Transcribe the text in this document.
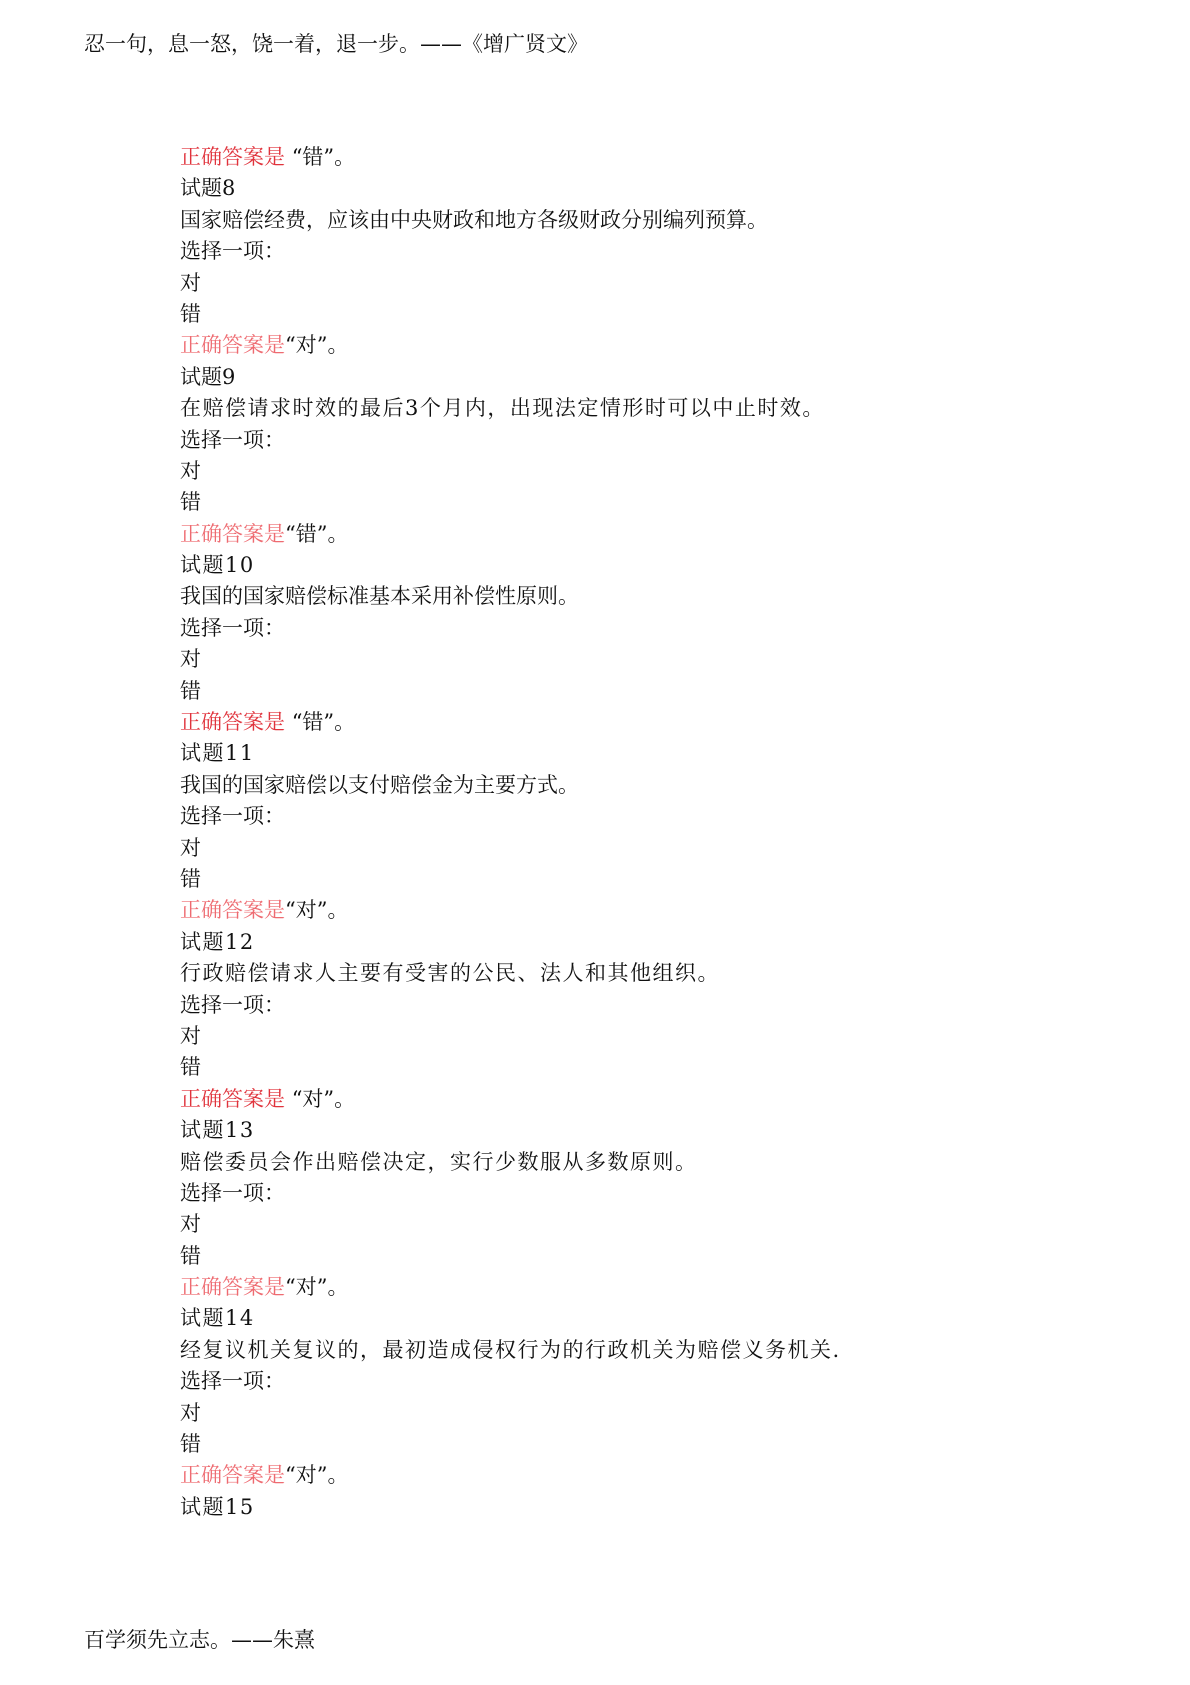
忍一句，息一怒，饶一着，退一步。——《增广贤文》
正确答案是 “错”。
试题8
国家赔偿经费，应该由中央财政和地方各级财政分别编列预算。
选择一项：
对
错
正确答案是“对”。
试题9
在赔偿请求时效的最后3个月内，出现法定情形时可以中止时效。
选择一项：
对
错
正确答案是“错”。
试题10
我国的国家赔偿标准基本采用补偿性原则。
选择一项：
对
错
正确答案是 “错”。
试题11
我国的国家赔偿以支付赔偿金为主要方式。
选择一项：
对
错
正确答案是“对”。
试题12
行政赔偿请求人主要有受害的公民、法人和其他组织。
选择一项：
对
错
正确答案是 “对”。
试题13
赔偿委员会作出赔偿决定，实行少数服从多数原则。
选择一项：
对
错
正确答案是“对”。
试题14
经复议机关复议的，最初造成侵权行为的行政机关为赔偿义务机关.
选择一项：
对
错
正确答案是“对”。
试题15
百学须先立志。——朱熹
